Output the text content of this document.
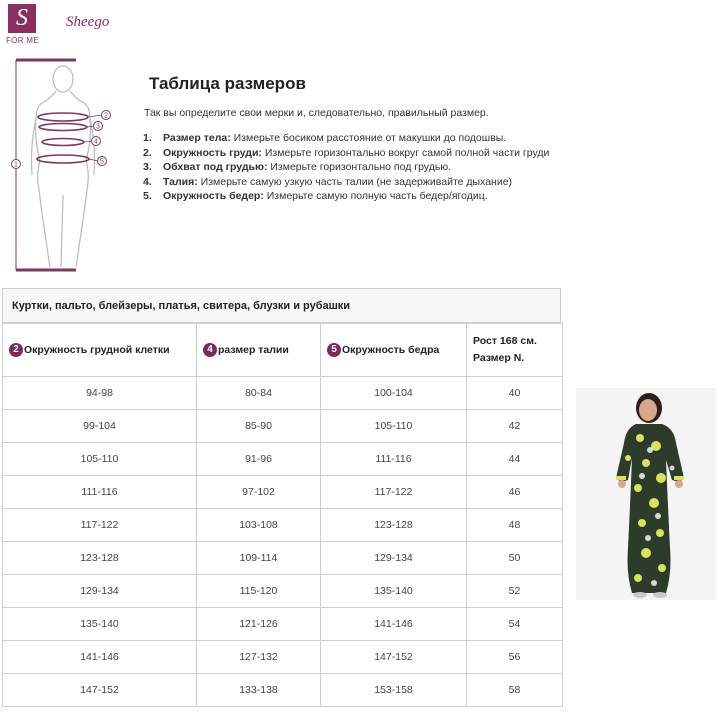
S
FOR ME
Sheego
1
2
3
4
5
Таблица размеров
Так вы определите свои мерки и, следовательно, правильный размер.
1. Размер тела: Измерьте босиком расстояние от макушки до подошвы.
2. Окружность груди: Измерьте горизонтально вокруг самой полной части груди
3. Обхват под грудью: Измерьте горизонтально под грудью.
4. Талия: Измерьте самую узкую часть талии (не задерживайте дыхание)
5. Окружность бедер: Измерьте самую полную часть бедер/ягодиц.
Куртки, пальто, блейзеры, платья, свитера, блузки и рубашки
2 Окружность грудной клетки	4 размер талии	5 Окружность бедра	Рост 168 см. Размер N.
94-98	80-84	100-104	40
99-104	85-90	105-110	42
105-110	91-96	111-116	44
111-116	97-102	117-122	46
117-122	103-108	123-128	48
123-128	109-114	129-134	50
129-134	115-120	135-140	52
135-140	121-126	141-146	54
141-146	127-132	147-152	56
147-152	133-138	153-158	58
